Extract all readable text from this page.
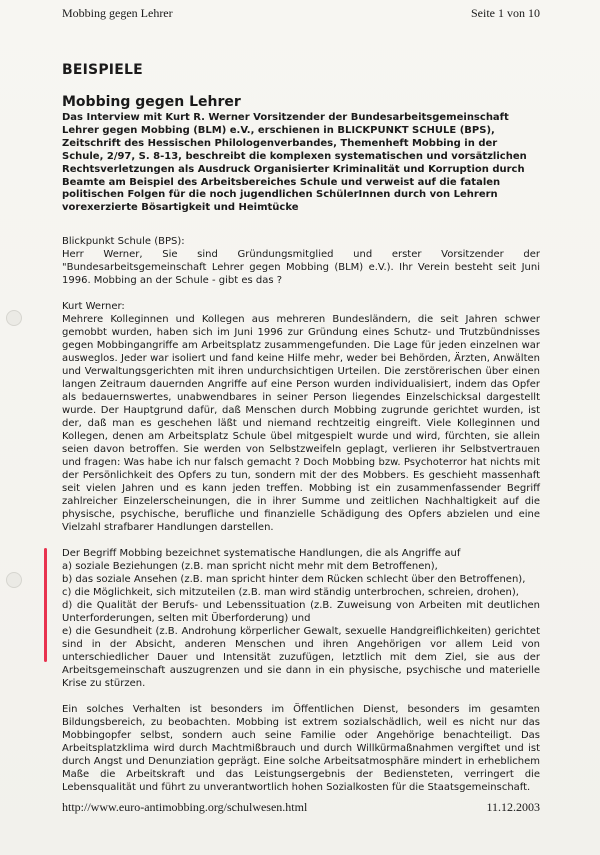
Mobbing gegen Lehrer	Seite 1 von 10
BEISPIELE
Mobbing gegen Lehrer

Das Interview mit Kurt R. Werner Vorsitzender der Bundesarbeitsgemeinschaft Lehrer gegen Mobbing (BLM) e.V., erschienen in BLICKPUNKT SCHULE (BPS), Zeitschrift des Hessischen Philologenverbandes, Themenheft Mobbing in der Schule, 2/97, S. 8-13, beschreibt die komplexen systematischen und vorsätzlichen Rechtsverletzungen als Ausdruck Organisierter Kriminalität und Korruption durch Beamte am Beispiel des Arbeitsbereiches Schule und verweist auf die fatalen politischen Folgen für die noch jugendlichen SchülerInnen durch von Lehrern vorexerzierte Bösartigkeit und Heimtücke

Blickpunkt Schule (BPS):

Herr Werner, Sie sind Gründungsmitglied und erster Vorsitzender der "Bundesarbeitsgemeinschaft Lehrer gegen Mobbing (BLM) e.V.). Ihr Verein besteht seit Juni 1996. Mobbing an der Schule - gibt es das ?

Kurt Werner:

Mehrere Kolleginnen und Kollegen aus mehreren Bundesländern, die seit Jahren schwer gemobbt wurden, haben sich im Juni 1996 zur Gründung eines Schutz- und Trutzbündnisses gegen Mobbingangriffe am Arbeitsplatz zusammengefunden. Die Lage für jeden einzelnen war ausweglos. Jeder war isoliert und fand keine Hilfe mehr, weder bei Behörden, Ärzten, Anwälten und Verwaltungsgerichten mit ihren undurchsichtigen Urteilen. Die zerstörerischen über einen langen Zeitraum dauernden Angriffe auf eine Person wurden individualisiert, indem das Opfer als bedauernswertes, unabwendbares in seiner Person liegendes Einzelschicksal dargestellt wurde. Der Hauptgrund dafür, daß Menschen durch Mobbing zugrunde gerichtet wurden, ist der, daß man es geschehen läßt und niemand rechtzeitig eingreift. Viele Kolleginnen und Kollegen, denen am Arbeitsplatz Schule übel mitgespielt wurde und wird, fürchten, sie allein seien davon betroffen. Sie werden von Selbstzweifeln geplagt, verlieren ihr Selbstvertrauen und fragen: Was habe ich nur falsch gemacht ? Doch Mobbing bzw. Psychoterror hat nichts mit der Persönlichkeit des Opfers zu tun, sondern mit der des Mobbers. Es geschieht massenhaft seit vielen Jahren und es kann jeden treffen. Mobbing ist ein zusammenfassender Begriff zahlreicher Einzelerscheinungen, die in ihrer Summe und zeitlichen Nachhaltigkeit auf die physische, psychische, berufliche und finanzielle Schädigung des Opfers abzielen und eine Vielzahl strafbarer Handlungen darstellen.

Der Begriff Mobbing bezeichnet systematische Handlungen, die als Angriffe auf

a) soziale Beziehungen (z.B. man spricht nicht mehr mit dem Betroffenen),

b) das soziale Ansehen (z.B. man spricht hinter dem Rücken schlecht über den Betroffenen),

c) die Möglichkeit, sich mitzuteilen (z.B. man wird ständig unterbrochen, schreien, drohen),

d) die Qualität der Berufs- und Lebenssituation (z.B. Zuweisung von Arbeiten mit deutlichen Unterforderungen, selten mit Überforderung) und

e) die Gesundheit (z.B. Androhung körperlicher Gewalt, sexuelle Handgreiflichkeiten) gerichtet sind in der Absicht, anderen Menschen und ihren Angehörigen vor allem Leid von unterschiedlicher Dauer und Intensität zuzufügen, letztlich mit dem Ziel, sie aus der Arbeitsgemeinschaft auszugrenzen und sie dann in ein physische, psychische und materielle Krise zu stürzen.

Ein solches Verhalten ist besonders im Öffentlichen Dienst, besonders im gesamten Bildungsbereich, zu beobachten. Mobbing ist extrem sozialschädlich, weil es nicht nur das Mobbingopfer selbst, sondern auch seine Familie oder Angehörige benachteiligt. Das Arbeitsplatzklima wird durch Machtmißbrauch und durch Willkürmaßnahmen vergiftet und ist durch Angst und Denunziation geprägt. Eine solche Arbeitsatmosphäre mindert in erheblichem Maße die Arbeitskraft und das Leistungsergebnis der Bediensteten, verringert die Lebensqualität und führt zu unverantwortlich hohen Sozialkosten für die Staatsgemeinschaft.

http://www.euro-antimobbing.org/schulwesen.html	11.12.2003
